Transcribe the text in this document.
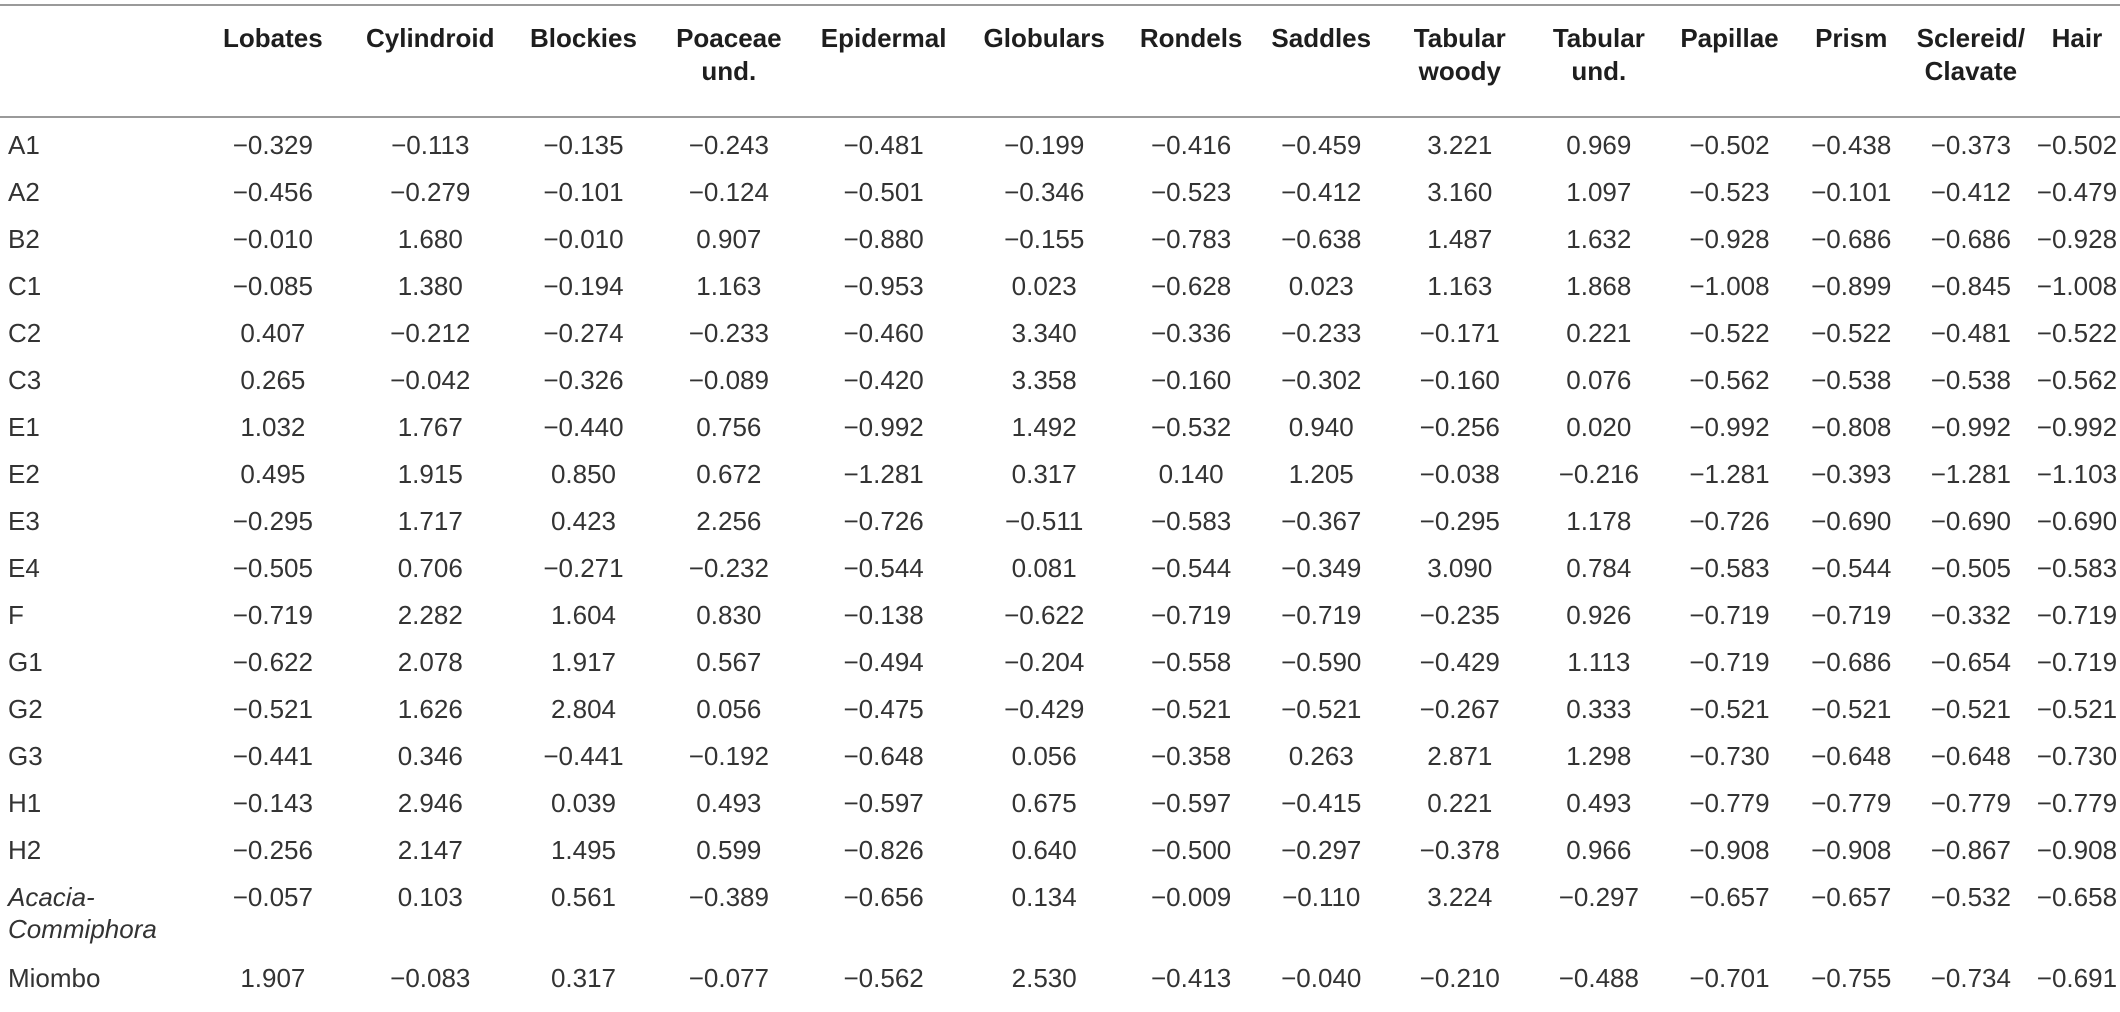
	Lobates	Cylindroid	Blockies	Poaceae und.	Epidermal	Globulars	Rondels	Saddles	Tabular woody	Tabular und.	Papillae	Prism	Sclereid/ Clavate	Hair
A1	−0.329	−0.113	−0.135	−0.243	−0.481	−0.199	−0.416	−0.459	3.221	0.969	−0.502	−0.438	−0.373	−0.502
A2	−0.456	−0.279	−0.101	−0.124	−0.501	−0.346	−0.523	−0.412	3.160	1.097	−0.523	−0.101	−0.412	−0.479
B2	−0.010	1.680	−0.010	0.907	−0.880	−0.155	−0.783	−0.638	1.487	1.632	−0.928	−0.686	−0.686	−0.928
C1	−0.085	1.380	−0.194	1.163	−0.953	0.023	−0.628	0.023	1.163	1.868	−1.008	−0.899	−0.845	−1.008
C2	0.407	−0.212	−0.274	−0.233	−0.460	3.340	−0.336	−0.233	−0.171	0.221	−0.522	−0.522	−0.481	−0.522
C3	0.265	−0.042	−0.326	−0.089	−0.420	3.358	−0.160	−0.302	−0.160	0.076	−0.562	−0.538	−0.538	−0.562
E1	1.032	1.767	−0.440	0.756	−0.992	1.492	−0.532	0.940	−0.256	0.020	−0.992	−0.808	−0.992	−0.992
E2	0.495	1.915	0.850	0.672	−1.281	0.317	0.140	1.205	−0.038	−0.216	−1.281	−0.393	−1.281	−1.103
E3	−0.295	1.717	0.423	2.256	−0.726	−0.511	−0.583	−0.367	−0.295	1.178	−0.726	−0.690	−0.690	−0.690
E4	−0.505	0.706	−0.271	−0.232	−0.544	0.081	−0.544	−0.349	3.090	0.784	−0.583	−0.544	−0.505	−0.583
F	−0.719	2.282	1.604	0.830	−0.138	−0.622	−0.719	−0.719	−0.235	0.926	−0.719	−0.719	−0.332	−0.719
G1	−0.622	2.078	1.917	0.567	−0.494	−0.204	−0.558	−0.590	−0.429	1.113	−0.719	−0.686	−0.654	−0.719
G2	−0.521	1.626	2.804	0.056	−0.475	−0.429	−0.521	−0.521	−0.267	0.333	−0.521	−0.521	−0.521	−0.521
G3	−0.441	0.346	−0.441	−0.192	−0.648	0.056	−0.358	0.263	2.871	1.298	−0.730	−0.648	−0.648	−0.730
H1	−0.143	2.946	0.039	0.493	−0.597	0.675	−0.597	−0.415	0.221	0.493	−0.779	−0.779	−0.779	−0.779
H2	−0.256	2.147	1.495	0.599	−0.826	0.640	−0.500	−0.297	−0.378	0.966	−0.908	−0.908	−0.867	−0.908
Acacia-Commiphora	−0.057	0.103	0.561	−0.389	−0.656	0.134	−0.009	−0.110	3.224	−0.297	−0.657	−0.657	−0.532	−0.658
Miombo	1.907	−0.083	0.317	−0.077	−0.562	2.530	−0.413	−0.040	−0.210	−0.488	−0.701	−0.755	−0.734	−0.691
